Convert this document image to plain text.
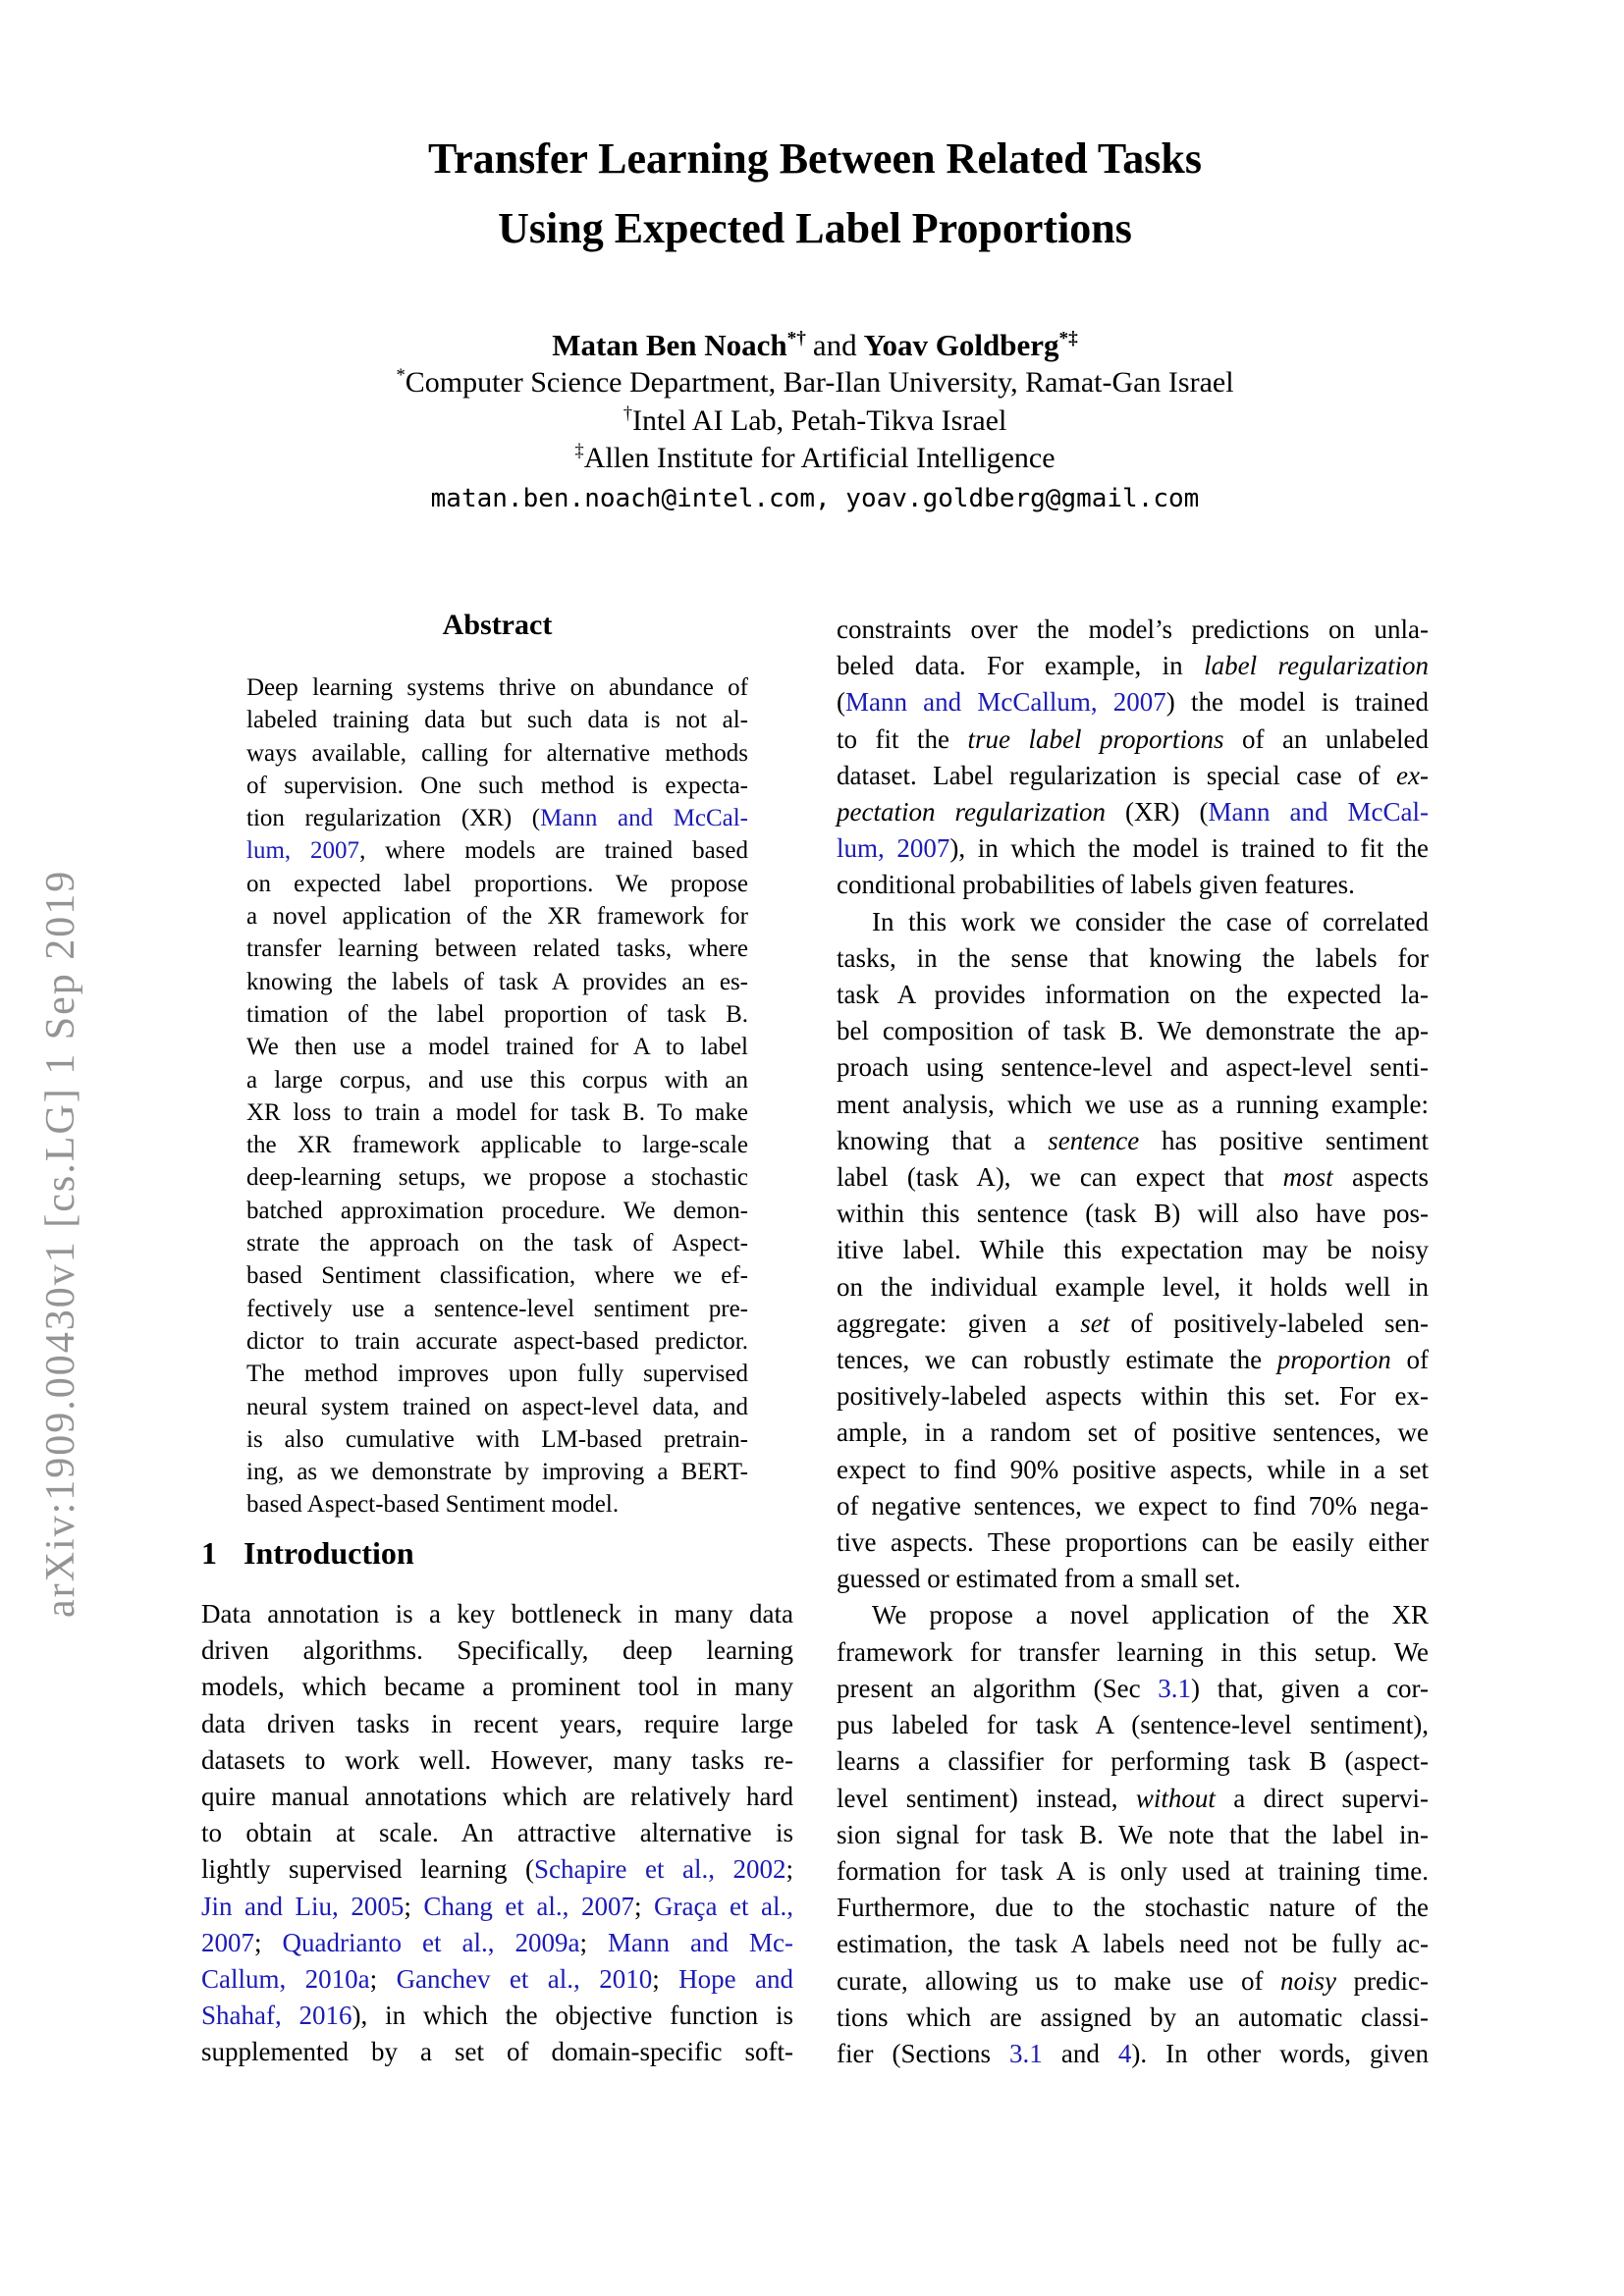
arXiv:1909.00430v1 [cs.LG] 1 Sep 2019
Transfer Learning Between Related Tasks
Using Expected Label Proportions
Matan Ben Noach*† and Yoav Goldberg*‡
*Computer Science Department, Bar-Ilan University, Ramat-Gan Israel
†Intel AI Lab, Petah-Tikva Israel
‡Allen Institute for Artificial Intelligence
matan.ben.noach@intel.com, yoav.goldberg@gmail.com
Abstract
Deep learning systems thrive on abundance of
labeled training data but such data is not al-
ways available, calling for alternative methods
of supervision. One such method is expecta-
tion regularization (XR) (Mann and McCal-
lum, 2007, where models are trained based
on expected label proportions. We propose
a novel application of the XR framework for
transfer learning between related tasks, where
knowing the labels of task A provides an es-
timation of the label proportion of task B.
We then use a model trained for A to label
a large corpus, and use this corpus with an
XR loss to train a model for task B. To make
the XR framework applicable to large-scale
deep-learning setups, we propose a stochastic
batched approximation procedure. We demon-
strate the approach on the task of Aspect-
based Sentiment classification, where we ef-
fectively use a sentence-level sentiment pre-
dictor to train accurate aspect-based predictor.
The method improves upon fully supervised
neural system trained on aspect-level data, and
is also cumulative with LM-based pretrain-
ing, as we demonstrate by improving a BERT-
based Aspect-based Sentiment model.
1 Introduction
Data annotation is a key bottleneck in many data
driven algorithms. Specifically, deep learning
models, which became a prominent tool in many
data driven tasks in recent years, require large
datasets to work well. However, many tasks re-
quire manual annotations which are relatively hard
to obtain at scale. An attractive alternative is
lightly supervised learning (Schapire et al., 2002;
Jin and Liu, 2005; Chang et al., 2007; Graça et al.,
2007; Quadrianto et al., 2009a; Mann and Mc-
Callum, 2010a; Ganchev et al., 2010; Hope and
Shahaf, 2016), in which the objective function is
supplemented by a set of domain-specific soft-
constraints over the model’s predictions on unla-
beled data. For example, in label regularization
(Mann and McCallum, 2007) the model is trained
to fit the true label proportions of an unlabeled
dataset. Label regularization is special case of ex-
pectation regularization (XR) (Mann and McCal-
lum, 2007), in which the model is trained to fit the
conditional probabilities of labels given features.
In this work we consider the case of correlated
tasks, in the sense that knowing the labels for
task A provides information on the expected la-
bel composition of task B. We demonstrate the ap-
proach using sentence-level and aspect-level senti-
ment analysis, which we use as a running example:
knowing that a sentence has positive sentiment
label (task A), we can expect that most aspects
within this sentence (task B) will also have pos-
itive label. While this expectation may be noisy
on the individual example level, it holds well in
aggregate: given a set of positively-labeled sen-
tences, we can robustly estimate the proportion of
positively-labeled aspects within this set. For ex-
ample, in a random set of positive sentences, we
expect to find 90% positive aspects, while in a set
of negative sentences, we expect to find 70% nega-
tive aspects. These proportions can be easily either
guessed or estimated from a small set.
We propose a novel application of the XR
framework for transfer learning in this setup. We
present an algorithm (Sec 3.1) that, given a cor-
pus labeled for task A (sentence-level sentiment),
learns a classifier for performing task B (aspect-
level sentiment) instead, without a direct supervi-
sion signal for task B. We note that the label in-
formation for task A is only used at training time.
Furthermore, due to the stochastic nature of the
estimation, the task A labels need not be fully ac-
curate, allowing us to make use of noisy predic-
tions which are assigned by an automatic classi-
fier (Sections 3.1 and 4). In other words, given
